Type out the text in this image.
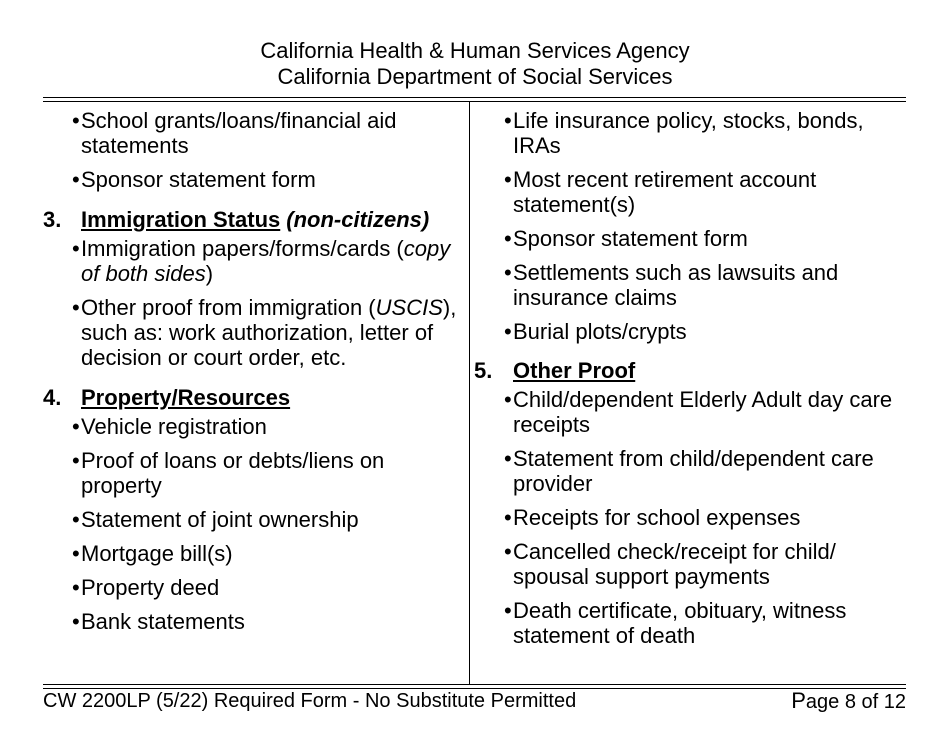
California Health & Human Services Agency
California Department of Social Services
• School grants/loans/financial aid statements
• Sponsor statement form
3. Immigration Status (non-citizens)
• Immigration papers/forms/cards (copy of both sides)
• Other proof from immigration (USCIS), such as: work authorization, letter of decision or court order, etc.
4. Property/Resources
• Vehicle registration
• Proof of loans or debts/liens on property
• Statement of joint ownership
• Mortgage bill(s)
• Property deed
• Bank statements
• Life insurance policy, stocks, bonds, IRAs
• Most recent retirement account statement(s)
• Sponsor statement form
• Settlements such as lawsuits and insurance claims
• Burial plots/crypts
5. Other Proof
• Child/dependent Elderly Adult day care receipts
• Statement from child/dependent care provider
• Receipts for school expenses
• Cancelled check/receipt for child/ spousal support payments
• Death certificate, obituary, witness statement of death
CW 2200LP (5/22) Required Form - No Substitute Permitted	Page 8 of 12
